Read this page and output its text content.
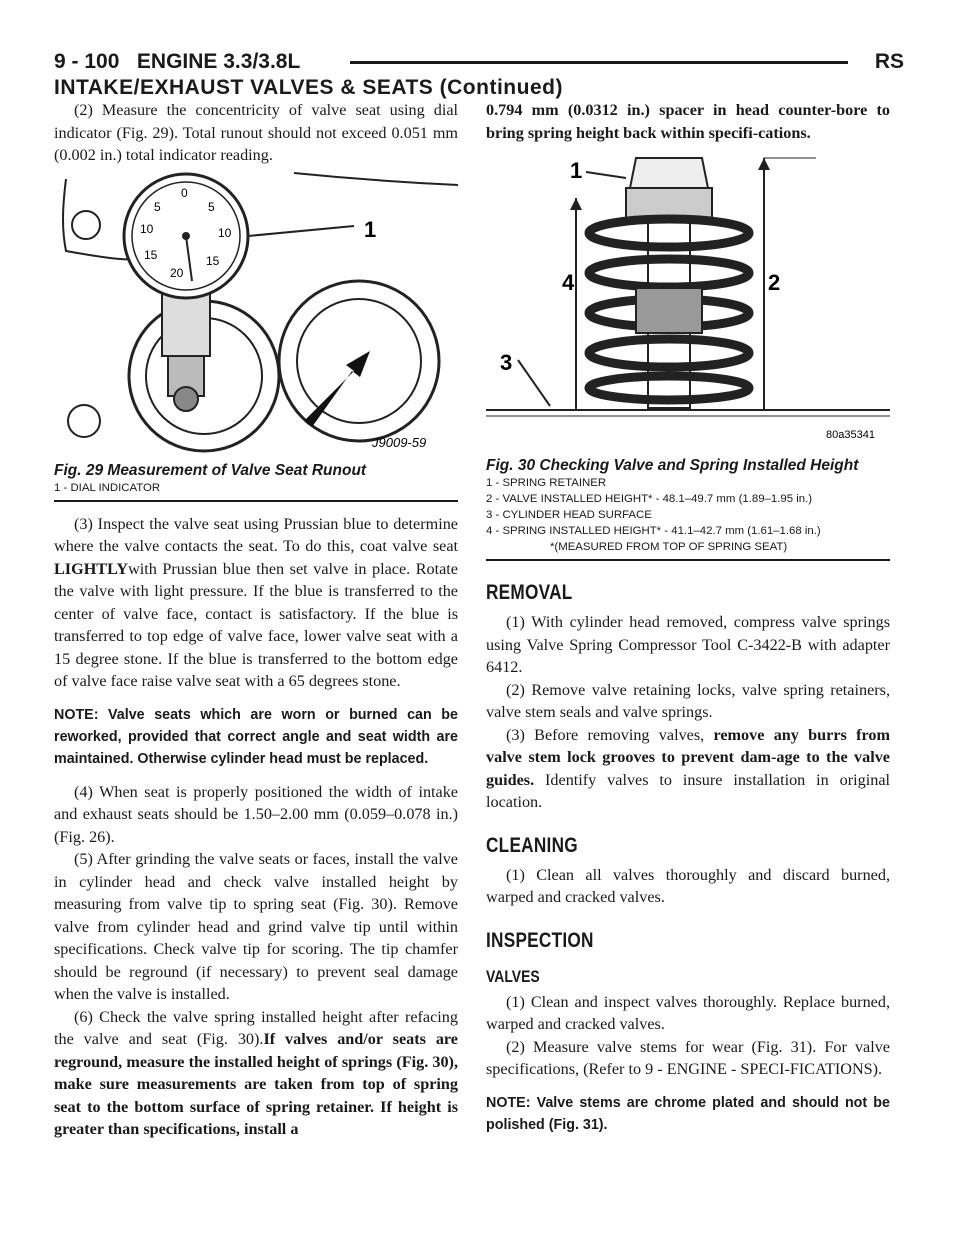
9 - 100 ENGINE 3.3/3.8L	RS
INTAKE/EXHAUST VALVES & SEATS (Continued)

(2) Measure the concentricity of valve seat using dial indicator (Fig. 29). Total runout should not exceed 0.051 mm (0.002 in.) total indicator reading.

0
5
10
15
20
5
10
15
1
J9009-59
Fig. 29 Measurement of Valve Seat Runout
1 - DIAL INDICATOR

(3) Inspect the valve seat using Prussian blue to determine where the valve contacts the seat. To do this, coat valve seat LIGHTLYwith Prussian blue then set valve in place. Rotate the valve with light pressure. If the blue is transferred to the center of valve face, contact is satisfactory. If the blue is transferred to top edge of valve face, lower valve seat with a 15 degree stone. If the blue is transferred to the bottom edge of valve face raise valve seat with a 65 degrees stone.

NOTE: Valve seats which are worn or burned can be reworked, provided that correct angle and seat width are maintained. Otherwise cylinder head must be replaced.

(4) When seat is properly positioned the width of intake and exhaust seats should be 1.50–2.00 mm (0.059–0.078 in.) (Fig. 26).

(5) After grinding the valve seats or faces, install the valve in cylinder head and check valve installed height by measuring from valve tip to spring seat (Fig. 30). Remove valve from cylinder head and grind valve tip until within specifications. Check valve tip for scoring. The tip chamfer should be reground (if necessary) to prevent seal damage when the valve is installed.

(6) Check the valve spring installed height after refacing the valve and seat (Fig. 30).If valves and/or seats are reground, measure the installed height of springs (Fig. 30), make sure measurements are taken from top of spring seat to the bottom surface of spring retainer. If height is greater than specifications, install a

0.794 mm (0.0312 in.) spacer in head counter-bore to bring spring height back within specifi-cations.

1
4	2
3
80a35341
Fig. 30 Checking Valve and Spring Installed Height
1 - SPRING RETAINER
2 - VALVE INSTALLED HEIGHT* - 48.1–49.7 mm (1.89–1.95 in.)
3 - CYLINDER HEAD SURFACE
4 - SPRING INSTALLED HEIGHT* - 41.1–42.7 mm (1.61–1.68 in.)
*(MEASURED FROM TOP OF SPRING SEAT)
REMOVAL

(1) With cylinder head removed, compress valve springs using Valve Spring Compressor Tool C-3422-B with adapter 6412.

(2) Remove valve retaining locks, valve spring retainers, valve stem seals and valve springs.

(3) Before removing valves, remove any burrs from valve stem lock grooves to prevent dam-age to the valve guides. Identify valves to insure installation in original location.

CLEANING

(1) Clean all valves thoroughly and discard burned, warped and cracked valves.

INSPECTION
VALVES

(1) Clean and inspect valves thoroughly. Replace burned, warped and cracked valves.

(2) Measure valve stems for wear (Fig. 31). For valve specifications, (Refer to 9 - ENGINE - SPECI-FICATIONS).

NOTE: Valve stems are chrome plated and should not be polished (Fig. 31).
